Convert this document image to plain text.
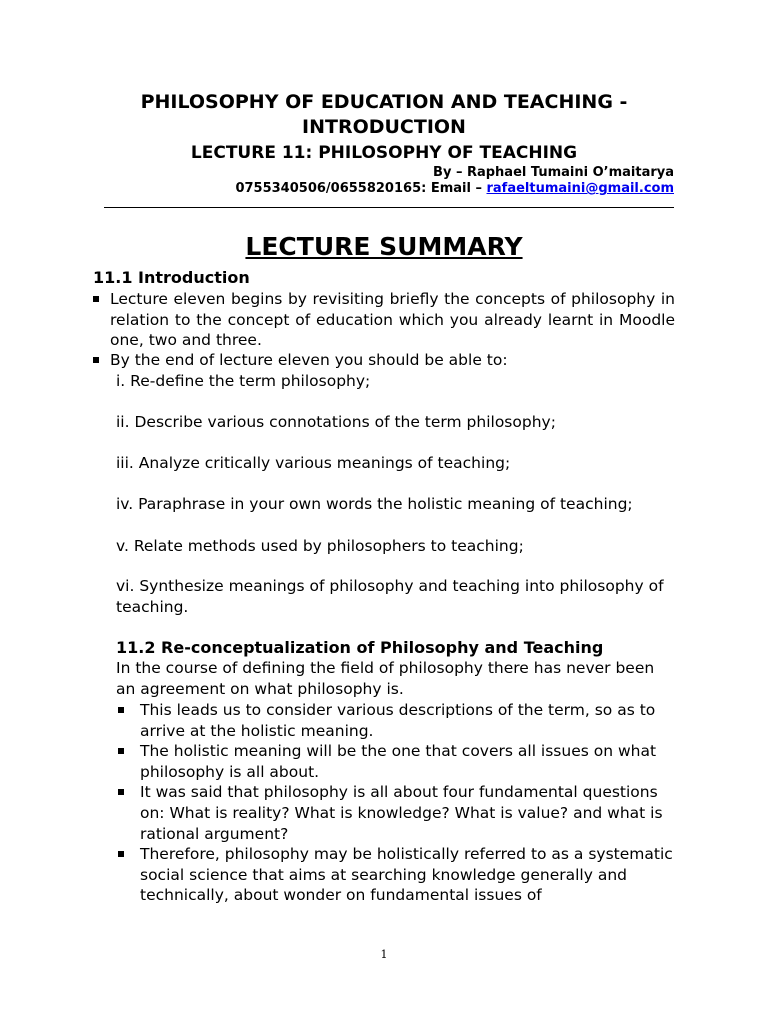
PHILOSOPHY OF EDUCATION AND TEACHING - INTRODUCTION
LECTURE 11: PHILOSOPHY OF TEACHING
By – Raphael Tumaini O’maitarya
0755340506/0655820165: Email – rafaeltumaini@gmail.com
LECTURE SUMMARY
11.1 Introduction
Lecture eleven begins by revisiting briefly the concepts of philosophy in relation to the concept of education which you already learnt in Moodle one, two and three.
By the end of lecture eleven you should be able to:
i. Re-define the term philosophy;
ii. Describe various connotations of the term philosophy;
iii. Analyze critically various meanings of teaching;
iv. Paraphrase in your own words the holistic meaning of teaching;
v. Relate methods used by philosophers to teaching;
vi. Synthesize meanings of philosophy and teaching into philosophy of teaching.
11.2 Re-conceptualization of Philosophy and Teaching
In the course of defining the field of philosophy there has never been an agreement on what philosophy is.
This leads us to consider various descriptions of the term, so as to arrive at the holistic meaning.
The holistic meaning will be the one that covers all issues on what philosophy is all about.
It was said that philosophy is all about four fundamental questions on: What is reality? What is knowledge? What is value? and what is rational argument?
Therefore, philosophy may be holistically referred to as a systematic social science that aims at searching knowledge generally and technically, about wonder on fundamental issues of
1
